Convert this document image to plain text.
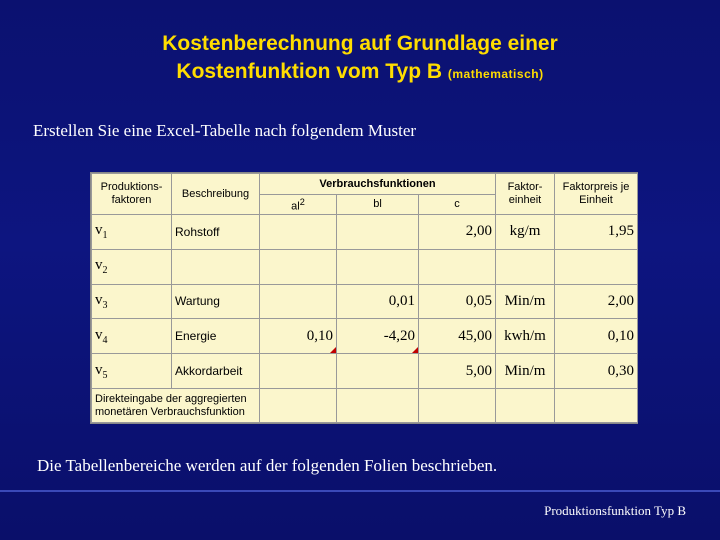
Kostenberechnung auf Grundlage einer
Kostenfunktion vom Typ B (mathematisch)
Erstellen Sie eine Excel-Tabelle nach folgendem Muster
Produktions-faktoren	Beschreibung	Verbrauchsfunktionen			Faktor-einheit	Faktorpreis je Einheit
		$al^2$	bl	c		
$v_1$	Rohstoff			2,00	kg/m	1,95
$v_2$						
$v_3$	Wartung		0,01	0,05	Min/m	2,00
$v_4$	Energie	0,10	-4,20	45,00	kwh/m	0,10
$v_5$	Akkordarbeit			5,00	Min/m	0,30
Direkteingabe der aggregierten monetären Verbrauchsfunktion						
Die Tabellenbereiche werden auf der folgenden Folien beschrieben.
Produktionsfunktion Typ B
